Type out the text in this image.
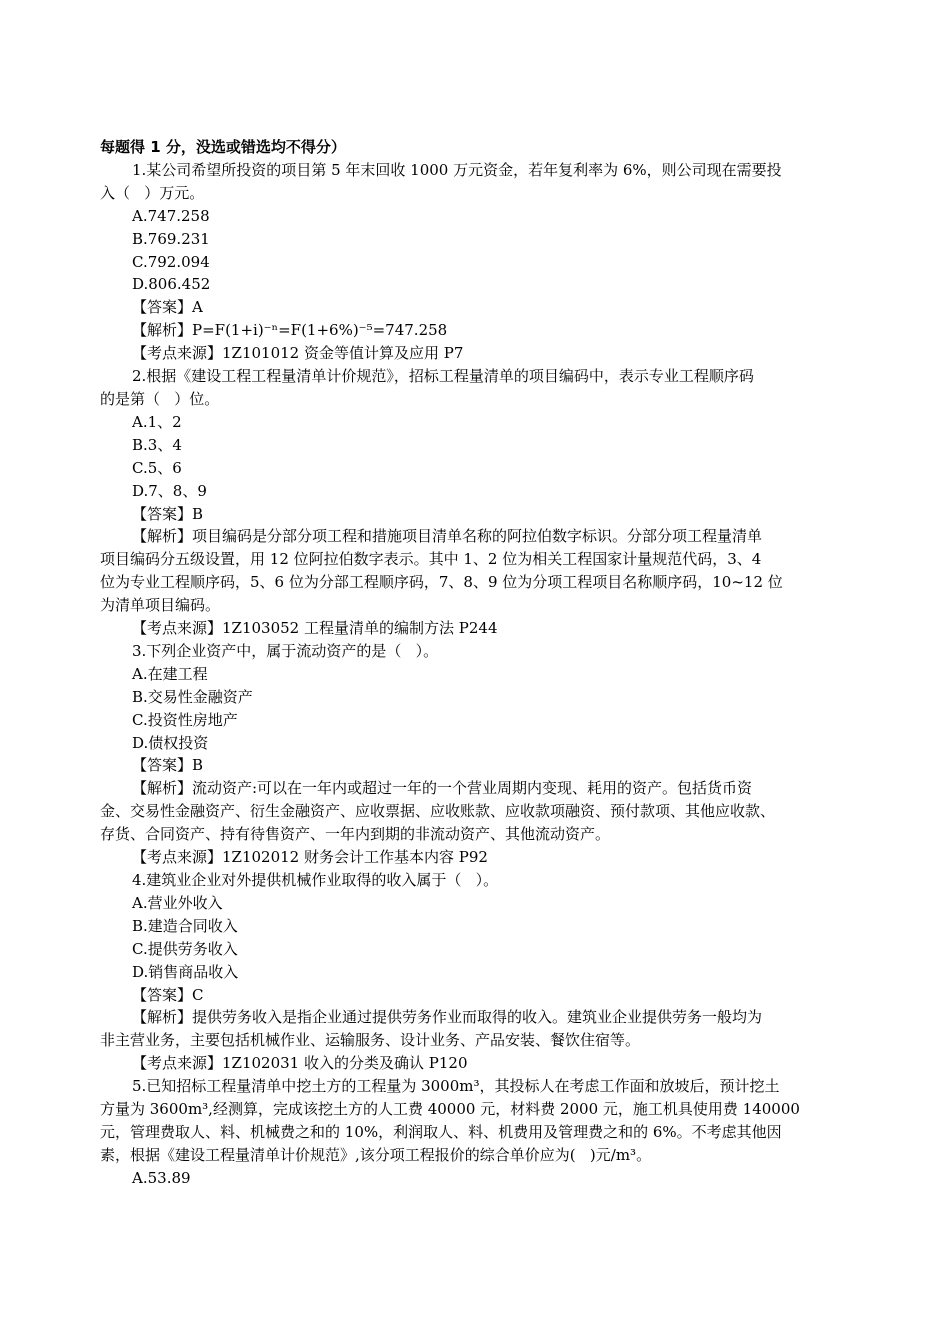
每题得 1 分，没选或错选均不得分）
1.某公司希望所投资的项目第 5 年末回收 1000 万元资金，若年复利率为 6%，则公司现在需要投
入（   ）万元。
A.747.258
B.769.231
C.792.094
D.806.452
【答案】A
【解析】P=F(1+i)⁻ⁿ=F(1+6%)⁻⁵=747.258
【考点来源】1Z101012 资金等值计算及应用 P7
2.根据《建设工程工程量清单计价规范》，招标工程量清单的项目编码中，表示专业工程顺序码
的是第（   ）位。
A.1、2
B.3、4
C.5、6
D.7、8、9
【答案】B
【解析】项目编码是分部分项工程和措施项目清单名称的阿拉伯数字标识。分部分项工程量清单
项目编码分五级设置，用 12 位阿拉伯数字表示。其中 1、2 位为相关工程国家计量规范代码，3、4
位为专业工程顺序码，5、6 位为分部工程顺序码，7、8、9 位为分项工程项目名称顺序码，10~12 位
为清单项目编码。
【考点来源】1Z103052 工程量清单的编制方法 P244
3.下列企业资产中，属于流动资产的是（   ）。
A.在建工程
B.交易性金融资产
C.投资性房地产
D.债权投资
【答案】B
【解析】流动资产:可以在一年内或超过一年的一个营业周期内变现、耗用的资产。包括货币资
金、交易性金融资产、衍生金融资产、应收票据、应收账款、应收款项融资、预付款项、其他应收款、
存货、合同资产、持有待售资产、一年内到期的非流动资产、其他流动资产。
【考点来源】1Z102012 财务会计工作基本内容 P92
4.建筑业企业对外提供机械作业取得的收入属于（   ）。
A.营业外收入
B.建造合同收入
C.提供劳务收入
D.销售商品收入
【答案】C
【解析】提供劳务收入是指企业通过提供劳务作业而取得的收入。建筑业企业提供劳务一般均为
非主营业务，主要包括机械作业、运输服务、设计业务、产品安装、餐饮住宿等。
【考点来源】1Z102031 收入的分类及确认 P120
5.已知招标工程量清单中挖土方的工程量为 3000m³，其投标人在考虑工作面和放坡后，预计挖土
方量为 3600m³,经测算，完成该挖土方的人工费 40000 元，材料费 2000 元，施工机具使用费 140000
元，管理费取人、料、机械费之和的 10%，利润取人、料、机费用及管理费之和的 6%。不考虑其他因
素，根据《建设工程量清单计价规范》,该分项工程报价的综合单价应为(   )元/m³。
A.53.89
